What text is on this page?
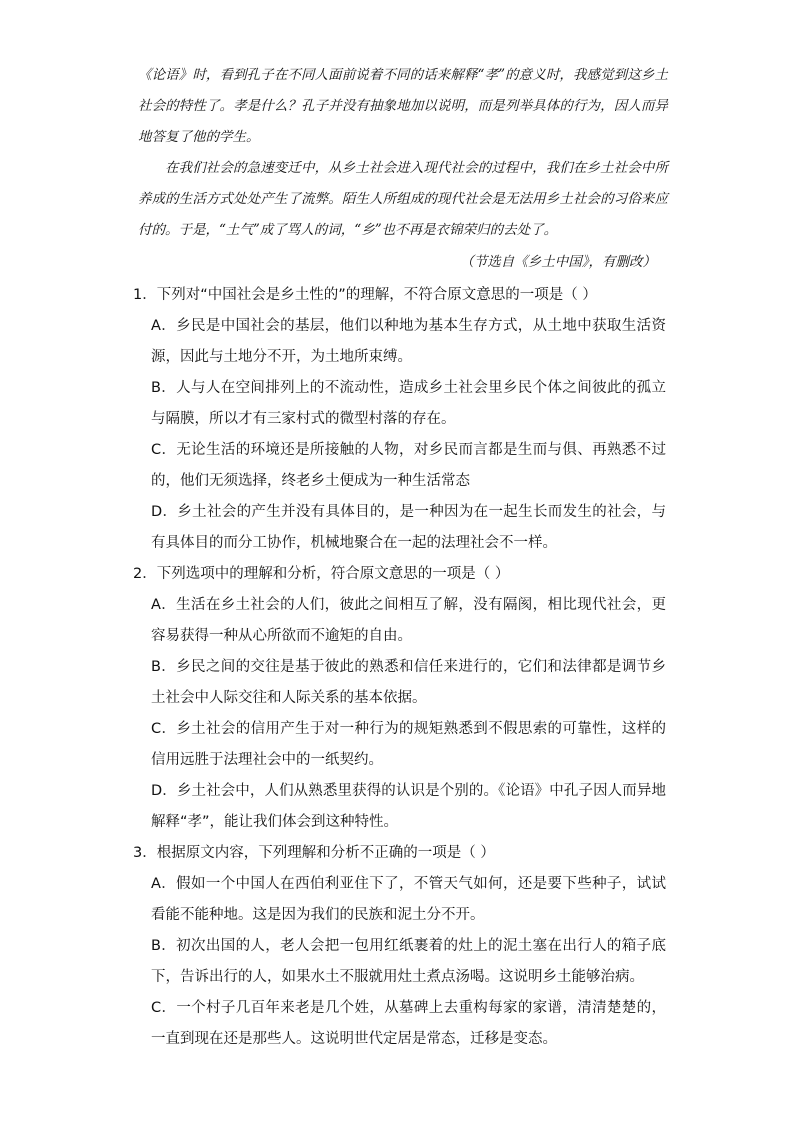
《论语》时，看到孔子在不同人面前说着不同的话来解释“孝”的意义时，我感觉到这乡土社会的特性了。孝是什么？孔子并没有抽象地加以说明，而是列举具体的行为，因人而异地答复了他的学生。

在我们社会的急速变迁中，从乡土社会进入现代社会的过程中，我们在乡土社会中所养成的生活方式处处产生了流弊。陌生人所组成的现代社会是无法用乡土社会的习俗来应付的。于是，“土气”成了骂人的词，“乡”也不再是衣锦荣归的去处了。

（节选自《乡土中国》，有删改）

1．下列对“中国社会是乡土性的”的理解，不符合原文意思的一项是（ ）

A．乡民是中国社会的基层，他们以种地为基本生存方式，从土地中获取生活资源，因此与土地分不开，为土地所束缚。

B．人与人在空间排列上的不流动性，造成乡土社会里乡民个体之间彼此的孤立与隔膜，所以才有三家村式的微型村落的存在。

C．无论生活的环境还是所接触的人物，对乡民而言都是生而与俱、再熟悉不过的，他们无须选择，终老乡土便成为一种生活常态

D．乡土社会的产生并没有具体目的，是一种因为在一起生长而发生的社会，与有具体目的而分工协作，机械地聚合在一起的法理社会不一样。

2．下列选项中的理解和分析，符合原文意思的一项是（ ）

A．生活在乡土社会的人们，彼此之间相互了解，没有隔阂，相比现代社会，更容易获得一种从心所欲而不逾矩的自由。

B．乡民之间的交往是基于彼此的熟悉和信任来进行的，它们和法律都是调节乡土社会中人际交往和人际关系的基本依据。

C．乡土社会的信用产生于对一种行为的规矩熟悉到不假思索的可靠性，这样的信用远胜于法理社会中的一纸契约。

D．乡土社会中，人们从熟悉里获得的认识是个别的。《论语》中孔子因人而异地解释“孝”，能让我们体会到这种特性。

3．根据原文内容，下列理解和分析不正确的一项是（ ）

A．假如一个中国人在西伯利亚住下了，不管天气如何，还是要下些种子，试试看能不能种地。这是因为我们的民族和泥土分不开。

B．初次出国的人，老人会把一包用红纸裹着的灶上的泥土塞在出行人的箱子底下，告诉出行的人，如果水土不服就用灶土煮点汤喝。这说明乡土能够治病。

C．一个村子几百年来老是几个姓，从墓碑上去重构每家的家谱，清清楚楚的，一直到现在还是那些人。这说明世代定居是常态，迁移是变态。
